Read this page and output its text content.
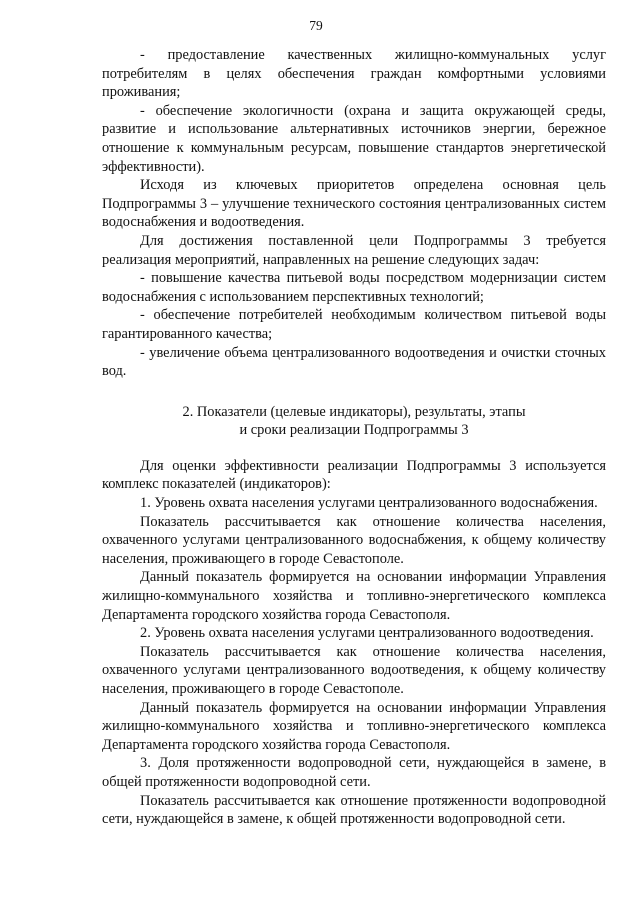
79

- предоставление качественных жилищно-коммунальных услуг потребителям в целях обеспечения граждан комфортными условиями проживания;

- обеспечение экологичности (охрана и защита окружающей среды, развитие и использование альтернативных источников энергии, бережное отношение к коммунальным ресурсам, повышение стандартов энергетической эффективности).

Исходя из ключевых приоритетов определена основная цель Подпрограммы 3 – улучшение технического состояния централизованных систем водоснабжения и водоотведения.

Для достижения поставленной цели Подпрограммы 3 требуется реализация мероприятий, направленных на решение следующих задач:

- повышение качества питьевой воды посредством модернизации систем водоснабжения с использованием перспективных технологий;

- обеспечение потребителей необходимым количеством питьевой воды гарантированного качества;

- увеличение объема централизованного водоотведения и очистки сточных вод.

2. Показатели (целевые индикаторы), результаты, этапы
и сроки реализации Подпрограммы 3

Для оценки эффективности реализации Подпрограммы 3 используется комплекс показателей (индикаторов):

1. Уровень охвата населения услугами централизованного водоснабжения.

Показатель рассчитывается как отношение количества населения, охваченного услугами централизованного водоснабжения, к общему количеству населения, проживающего в городе Севастополе.

Данный показатель формируется на основании информации Управления жилищно-коммунального хозяйства и топливно-энергетического комплекса Департамента городского хозяйства города Севастополя.

2. Уровень охвата населения услугами централизованного водоотведения.

Показатель рассчитывается как отношение количества населения, охваченного услугами централизованного водоотведения, к общему количеству населения, проживающего в городе Севастополе.

Данный показатель формируется на основании информации Управления жилищно-коммунального хозяйства и топливно-энергетического комплекса Департамента городского хозяйства города Севастополя.

3. Доля протяженности водопроводной сети, нуждающейся в замене, в общей протяженности водопроводной сети.

Показатель рассчитывается как отношение протяженности водопроводной сети, нуждающейся в замене, к общей протяженности водопроводной сети.
